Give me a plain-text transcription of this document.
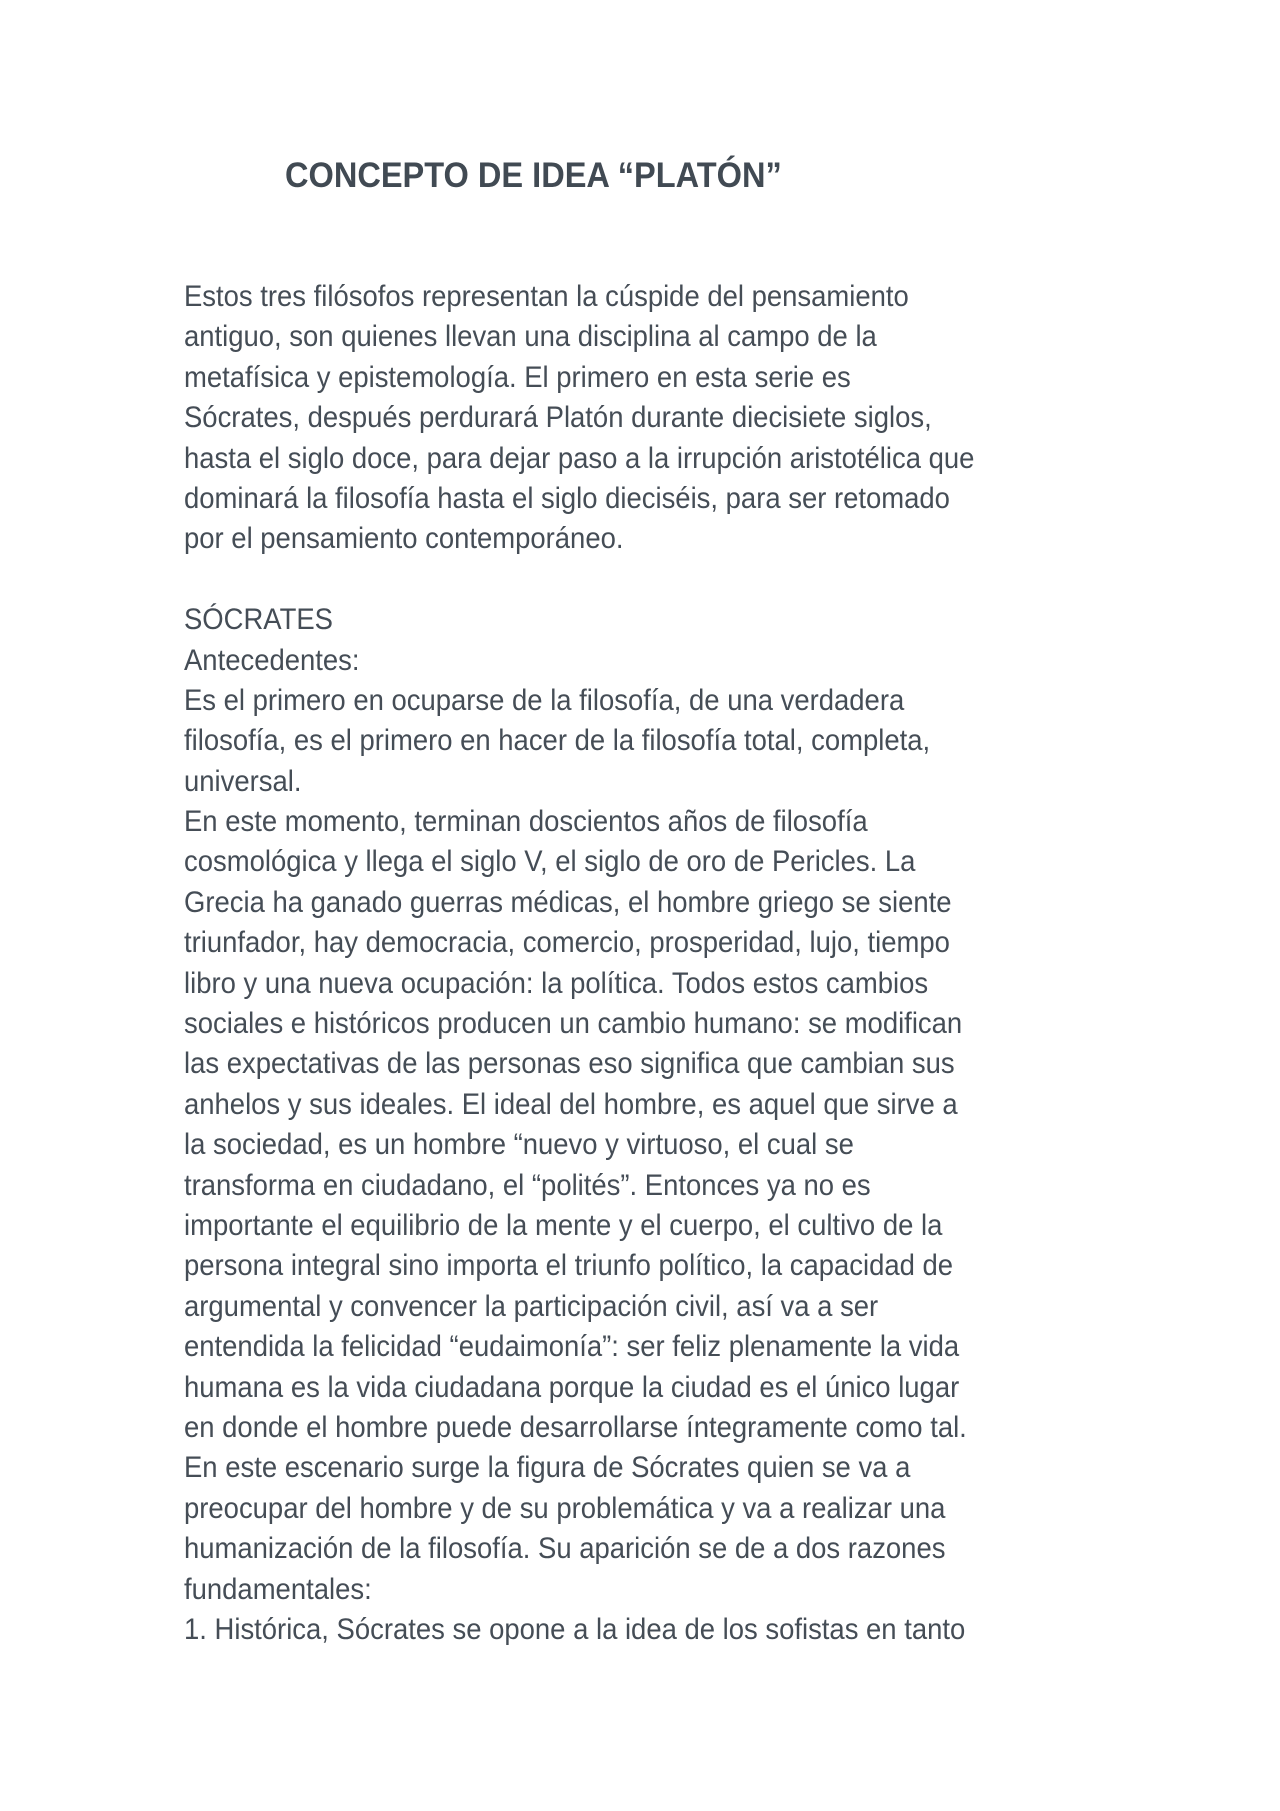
CONCEPTO DE IDEA “PLATÓN”
Estos tres filósofos representan la cúspide del pensamiento
antiguo, son quienes llevan una disciplina al campo de la
metafísica y epistemología. El primero en esta serie es
Sócrates, después perdurará Platón durante diecisiete siglos,
hasta el siglo doce, para dejar paso a la irrupción aristotélica que
dominará la filosofía hasta el siglo dieciséis, para ser retomado
por el pensamiento contemporáneo.
SÓCRATES
Antecedentes:
Es el primero en ocuparse de la filosofía, de una verdadera
filosofía, es el primero en hacer de la filosofía total, completa,
universal.
En este momento, terminan doscientos años de filosofía
cosmológica y llega el siglo V, el siglo de oro de Pericles. La
Grecia ha ganado guerras médicas, el hombre griego se siente
triunfador, hay democracia, comercio, prosperidad, lujo, tiempo
libro y una nueva ocupación: la política. Todos estos cambios
sociales e históricos producen un cambio humano: se modifican
las expectativas de las personas eso significa que cambian sus
anhelos y sus ideales. El ideal del hombre, es aquel que sirve a
la sociedad, es un hombre “nuevo y virtuoso, el cual se
transforma en ciudadano, el “polités”. Entonces ya no es
importante el equilibrio de la mente y el cuerpo, el cultivo de la
persona integral sino importa el triunfo político, la capacidad de
argumental y convencer la participación civil, así va a ser
entendida la felicidad “eudaimonía”: ser feliz plenamente la vida
humana es la vida ciudadana porque la ciudad es el único lugar
en donde el hombre puede desarrollarse íntegramente como tal.
En este escenario surge la figura de Sócrates quien se va a
preocupar del hombre y de su problemática y va a realizar una
humanización de la filosofía. Su aparición se de a dos razones
fundamentales:
1. Histórica, Sócrates se opone a la idea de los sofistas en tanto
